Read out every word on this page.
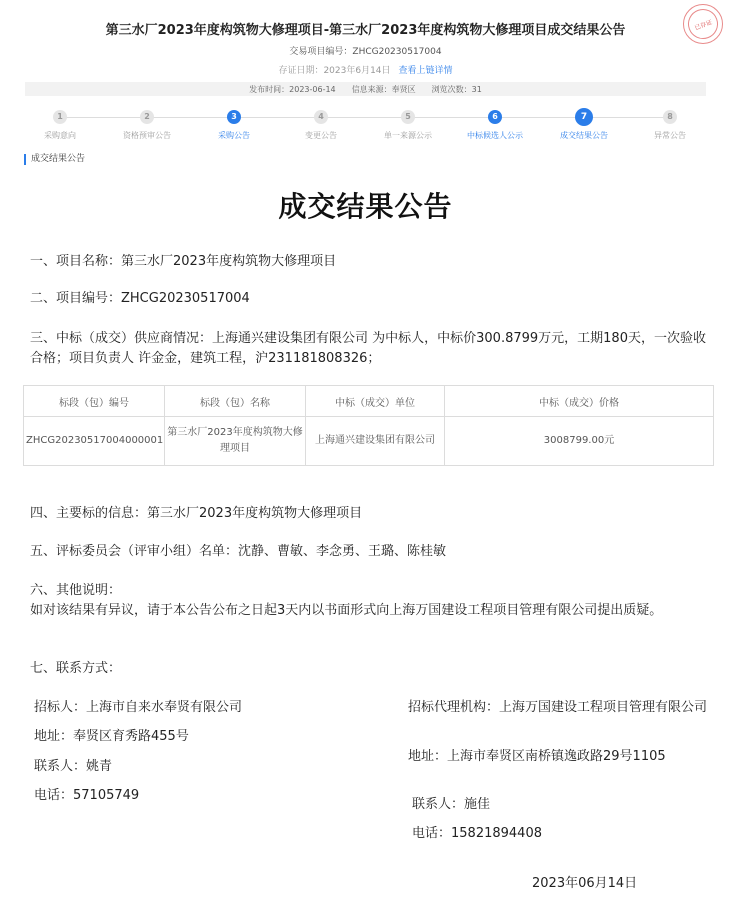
第三水厂2023年度构筑物大修理项目-第三水厂2023年度构筑物大修理项目成交结果公告
交易项目编号：ZHCG20230517004
存证日期：2023年6月14日 查看上链详情
已存证
发布时间：2023-06-14 信息来源：奉贤区 浏览次数：31
1
采购意向
2
资格预审公告
3
采购公告
4
变更公告
5
单一来源公示
6
中标候选人公示
7
成交结果公告
8
异常公告
成交结果公告
成交结果公告
一、项目名称：第三水厂2023年度构筑物大修理项目
二、项目编号：ZHCG20230517004
三、中标（成交）供应商情况：上海通兴建设集团有限公司 为中标人，中标价300.8799万元，工期180天，一次验收合格；项目负责人 许金金，建筑工程，沪231181808326；
标段（包）编号	标段（包）名称	中标（成交）单位	中标（成交）价格
ZHCG20230517004000001	第三水厂2023年度构筑物大修理项目	上海通兴建设集团有限公司	3008799.00元
四、主要标的信息：第三水厂2023年度构筑物大修理项目
五、评标委员会（评审小组）名单：沈静、曹敏、李念勇、王璐、陈桂敏
六、其他说明：
如对该结果有异议，请于本公告公布之日起3天内以书面形式向上海万国建设工程项目管理有限公司提出质疑。
七、联系方式：
招标人：上海市自来水奉贤有限公司
地址：奉贤区育秀路455号
联系人：姚青
电话：57105749
招标代理机构：上海万国建设工程项目管理有限公司
地址：上海市奉贤区南桥镇逸政路29号1105
联系人：施佳
电话：15821894408
2023年06月14日
